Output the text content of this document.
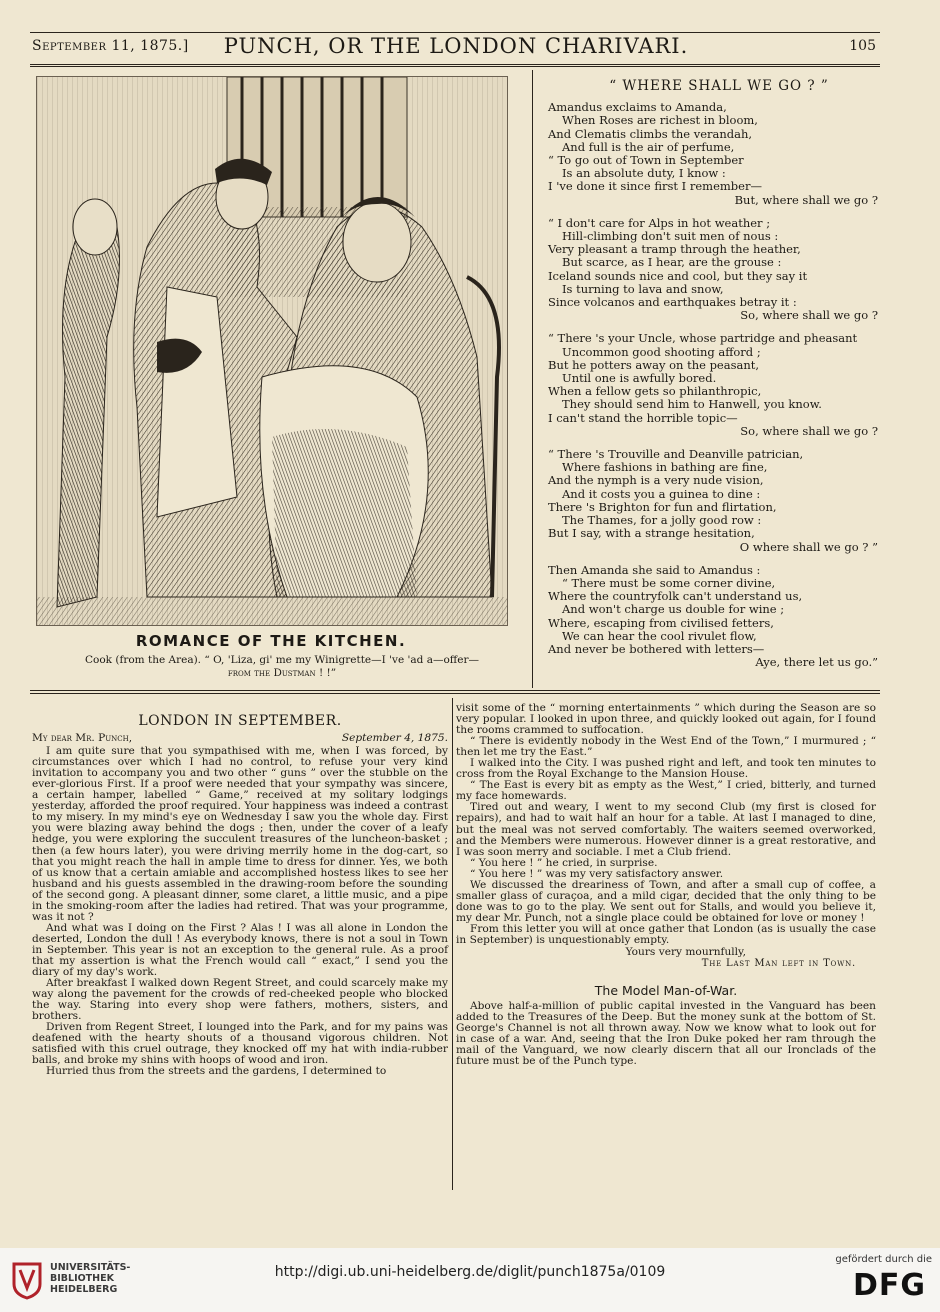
September 11, 1875.]	PUNCH, OR THE LONDON CHARIVARI.	105
ROMANCE OF THE KITCHEN.
Cook (from the Area). “ O, 'Liza, gi' me my Winigrette—I 've 'ad a—offer—
from the Dustman ! !”
“ WHERE SHALL WE GO ? ”
Amandus exclaims to Amanda,
When Roses are richest in bloom,
And Clematis climbs the verandah,
And full is the air of perfume,
“ To go out of Town in September
Is an absolute duty, I know :
I 've done it since first I remember—
But, where shall we go ?
“ I don't care for Alps in hot weather ;
Hill-climbing don't suit men of nous :
Very pleasant a tramp through the heather,
But scarce, as I hear, are the grouse :
Iceland sounds nice and cool, but they say it
Is turning to lava and snow,
Since volcanos and earthquakes betray it :
So, where shall we go ?
“ There 's your Uncle, whose partridge and pheasant
Uncommon good shooting afford ;
But he potters away on the peasant,
Until one is awfully bored.
When a fellow gets so philanthropic,
They should send him to Hanwell, you know.
I can't stand the horrible topic—
So, where shall we go ?
“ There 's Trouville and Deanville patrician,
Where fashions in bathing are fine,
And the nymph is a very nude vision,
And it costs you a guinea to dine :
There 's Brighton for fun and flirtation,
The Thames, for a jolly good row :
But I say, with a strange hesitation,
O where shall we go ? ”
Then Amanda she said to Amandus :
“ There must be some corner divine,
Where the countryfolk can't understand us,
And won't charge us double for wine ;
Where, escaping from civilised fetters,
We can hear the cool rivulet flow,
And never be bothered with letters—
Aye, there let us go.”
LONDON IN SEPTEMBER.
My dear Mr. Punch,	September 4, 1875.

I am quite sure that you sympathised with me, when I was forced, by circumstances over which I had no control, to refuse your very kind invitation to accompany you and two other “ guns ” over the stubble on the ever-glorious First. If a proof were needed that your sympathy was sincere, a certain hamper, labelled “ Game,” received at my solitary lodgings yesterday, afforded the proof required. Your happiness was indeed a contrast to my misery. In my mind's eye on Wednesday I saw you the whole day. First you were blazing away behind the dogs ; then, under the cover of a leafy hedge, you were exploring the succulent treasures of the luncheon-basket ; then (a few hours later), you were driving merrily home in the dog-cart, so that you might reach the hall in ample time to dress for dinner. Yes, we both of us know that a certain amiable and accomplished hostess likes to see her husband and his guests assembled in the drawing-room before the sounding of the second gong. A pleasant dinner, some claret, a little music, and a pipe in the smoking-room after the ladies had retired. That was your programme, was it not ?

And what was I doing on the First ? Alas ! I was all alone in London the deserted, London the dull ! As everybody knows, there is not a soul in Town in September. This year is not an exception to the general rule. As a proof that my assertion is what the French would call “ exact,” I send you the diary of my day's work.

After breakfast I walked down Regent Street, and could scarcely make my way along the pavement for the crowds of red-cheeked people who blocked the way. Staring into every shop were fathers, mothers, sisters, and brothers.

Driven from Regent Street, I lounged into the Park, and for my pains was deafened with the hearty shouts of a thousand vigorous children. Not satisfied with this cruel outrage, they knocked off my hat with india-rubber balls, and broke my shins with hoops of wood and iron.

Hurried thus from the streets and the gardens, I determined to

visit some of the “ morning entertainments ” which during the Season are so very popular. I looked in upon three, and quickly looked out again, for I found the rooms crammed to suffocation.

“ There is evidently nobody in the West End of the Town,” I murmured ; “ then let me try the East.”

I walked into the City. I was pushed right and left, and took ten minutes to cross from the Royal Exchange to the Mansion House.

“ The East is every bit as empty as the West,” I cried, bitterly, and turned my face homewards.

Tired out and weary, I went to my second Club (my first is closed for repairs), and had to wait half an hour for a table. At last I managed to dine, but the meal was not served comfortably. The waiters seemed overworked, and the Members were numerous. However dinner is a great restorative, and I was soon merry and sociable. I met a Club friend.

“ You here ! ” he cried, in surprise.

“ You here ! ” was my very satisfactory answer.

We discussed the dreariness of Town, and after a small cup of coffee, a smaller glass of curaçoa, and a mild cigar, decided that the only thing to be done was to go to the play. We sent out for Stalls, and would you believe it, my dear Mr. Punch, not a single place could be obtained for love or money !

From this letter you will at once gather that London (as is usually the case in September) is unquestionably empty.

Yours very mournfully,
The Last Man left in Town.
The Model Man-of-War.

Above half-a-million of public capital invested in the Vanguard has been added to the Treasures of the Deep. But the money sunk at the bottom of St. George's Channel is not all thrown away. Now we know what to look out for in case of a war. And, seeing that the Iron Duke poked her ram through the mail of the Vanguard, we now clearly discern that all our Ironclads of the future must be of the Punch type.

UNIVERSITÄTS-
BIBLIOTHEK
HEIDELBERG
http://digi.ub.uni-heidelberg.de/diglit/punch1875a/0109
gefördert durch die
DFG
